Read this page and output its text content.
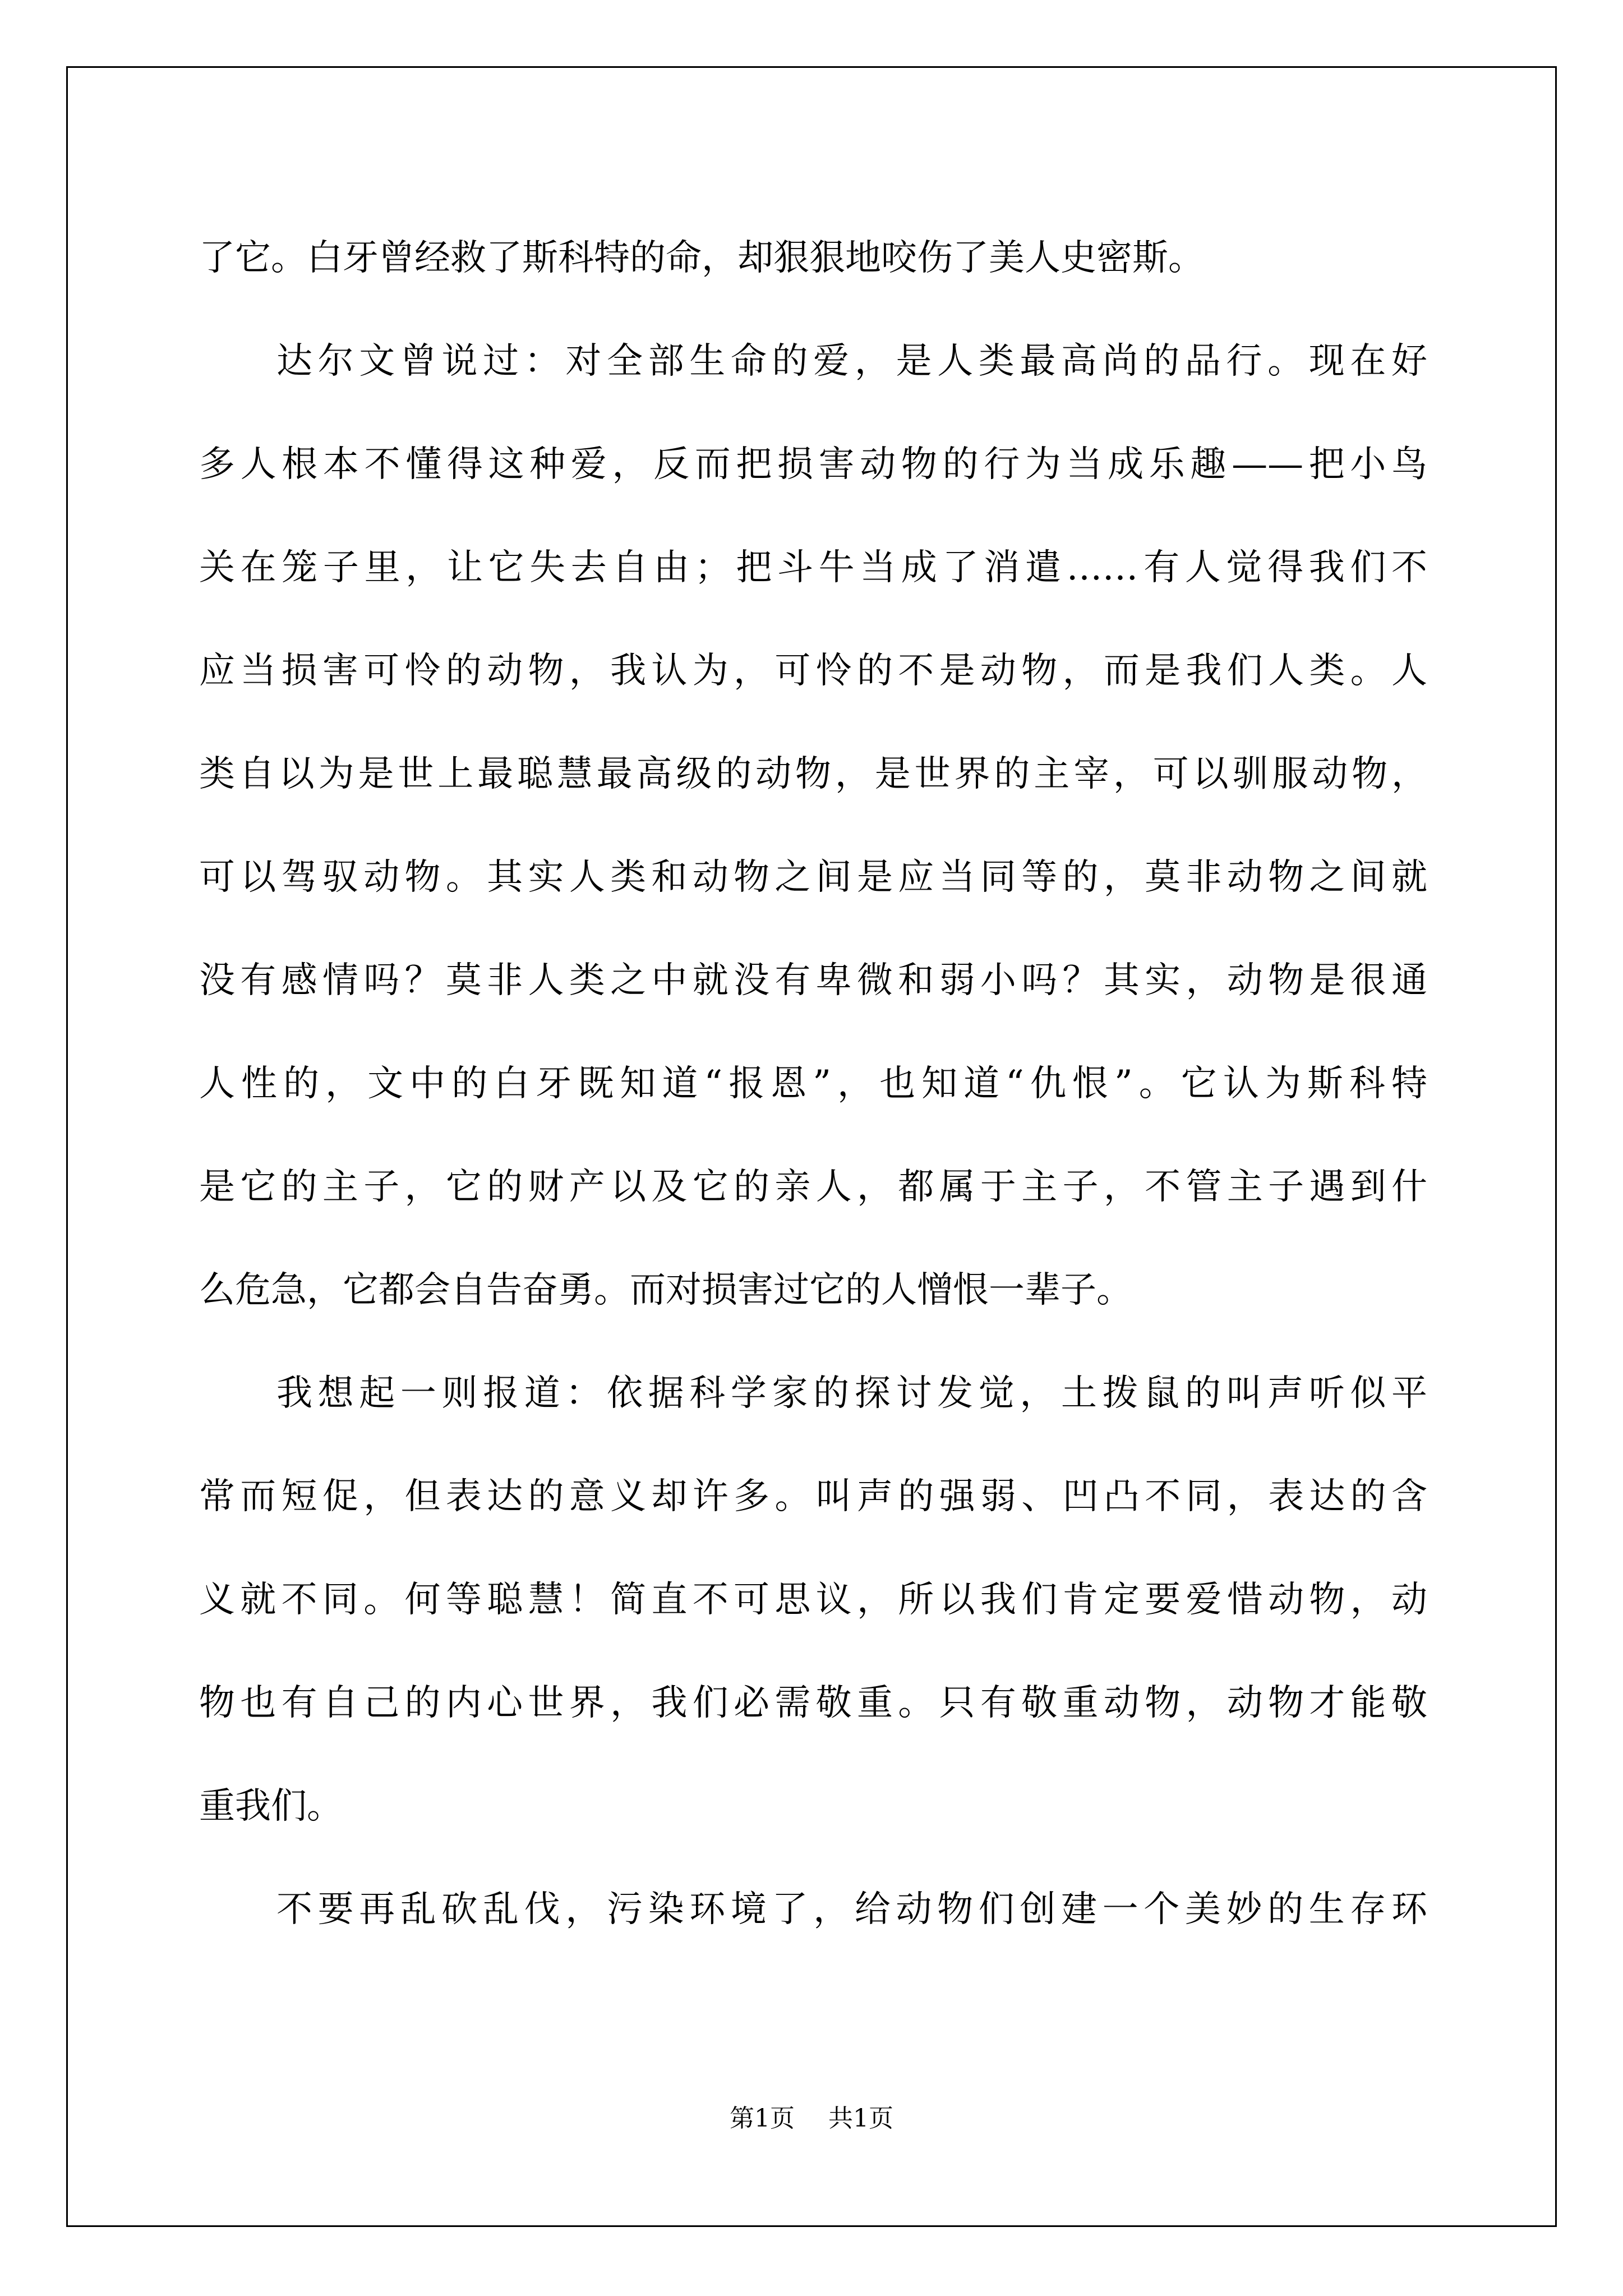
了它。白牙曾经救了斯科特的命，却狠狠地咬伤了美人史密斯。
达尔文曾说过：对全部生命的爱，是人类最高尚的品行。现在好
多人根本不懂得这种爱，反而把损害动物的行为当成乐趣——把小鸟
关在笼子里，让它失去自由；把斗牛当成了消遣……有人觉得我们不
应当损害可怜的动物，我认为，可怜的不是动物，而是我们人类。人
类自以为是世上最聪慧最高级的动物，是世界的主宰，可以驯服动物，
可以驾驭动物。其实人类和动物之间是应当同等的，莫非动物之间就
没有感情吗？莫非人类之中就没有卑微和弱小吗？其实，动物是很通
人性的，文中的白牙既知道“报恩”，也知道“仇恨”。它认为斯科特
是它的主子，它的财产以及它的亲人，都属于主子，不管主子遇到什
么危急，它都会自告奋勇。而对损害过它的人憎恨一辈子。
我想起一则报道：依据科学家的探讨发觉，土拨鼠的叫声听似平
常而短促，但表达的意义却许多。叫声的强弱、凹凸不同，表达的含
义就不同。何等聪慧！简直不可思议，所以我们肯定要爱惜动物，动
物也有自己的内心世界，我们必需敬重。只有敬重动物，动物才能敬
重我们。
不要再乱砍乱伐，污染环境了，给动物们创建一个美妙的生存环
第1页 共1页
